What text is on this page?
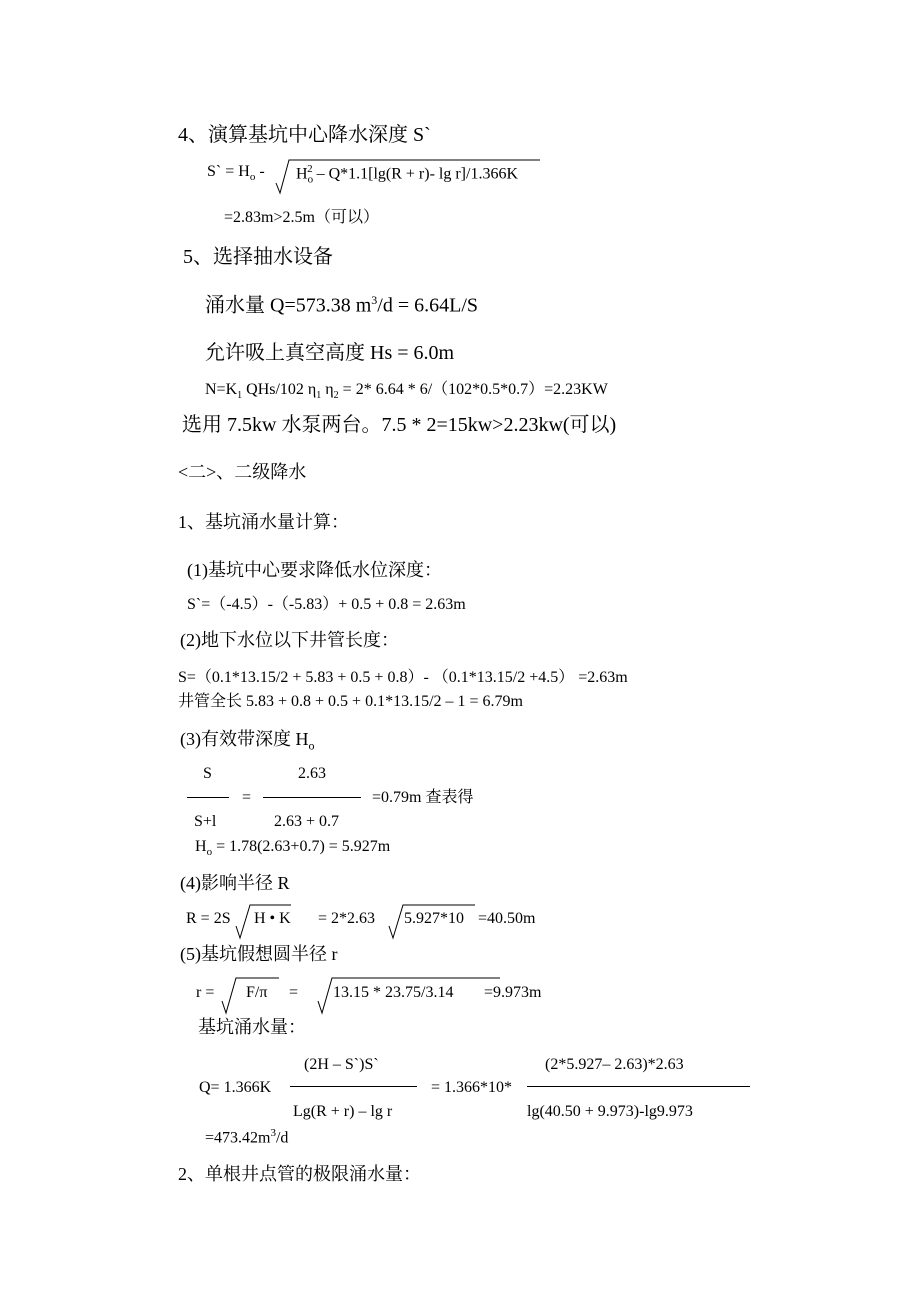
4、演算基坑中心降水深度 S`
S` = $H_o - H_o^2 - Q*1.1[\lg(R + r)-$ lg r]/1.366K
=2.83m>2.5m（可以）
5、选择抽水设备
涌水量 Q=573.38 $m^3/d = 6.64L/S$
允许吸上真空高度 Hs = 6.0m
$N=K_1$ QHs/102 $\eta_1$ $\eta_2 = 2*$ 6.64 * 6/（102*0.5*0.7）=2.23KW
选用 7.5kw 水泵两台。7.5 * 2=15kw>2.23kw(可以)
<二>、二级降水
1、基坑涌水量计算：
(1)基坑中心要求降低水位深度：
S`=（-4.5）-（-5.83）+ 0.5 + 0.8 = 2.63m
(2)地下水位以下井管长度：
S=（0.1*13.15/2 + 5.83 + 0.5 + 0.8）- （0.1*13.15/2 +4.5） =2.63m
井管全长 5.83 + 0.8 + 0.5 + 0.1*13.15/2 – 1 = 6.79m
(3)有效带深度 $H_o$
S
S+l
=
2.63
2.63 + 0.7
=0.79m 查表得
$H_o = 1.78(2.63+0.7) = 5.927m$
(4)影响半径 R
R = 2S H • K = 2*2.63 5.927*10 =40.50m
(5)基坑假想圆半径 r
r = F/π = 13.15 * 23.75/3.14 =9.973m
基坑涌水量：
(2H – S`)S`
Q= 1.366K
Lg(R + r) – lg r
= 1.366*10*
(2*5.927– 2.63)*2.63
lg(40.50 + 9.973)-lg9.973
$=473.42m^3/d$
2、单根井点管的极限涌水量：
